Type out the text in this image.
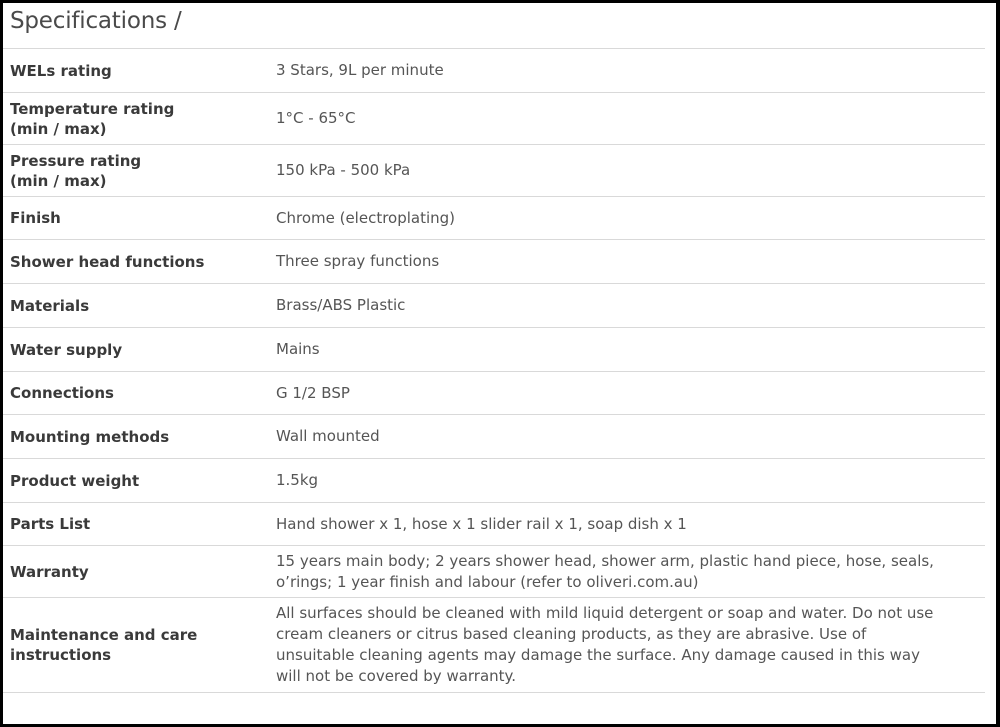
Specifications /
WELs rating	3 Stars, 9L per minute
Temperature rating
(min / max)	1°C - 65°C
Pressure rating
(min / max)	150 kPa - 500 kPa
Finish	Chrome (electroplating)
Shower head functions	Three spray functions
Materials	Brass/ABS Plastic
Water supply	Mains
Connections	G 1/2 BSP
Mounting methods	Wall mounted
Product weight	1.5kg
Parts List	Hand shower x 1, hose x 1 slider rail x 1, soap dish x 1
Warranty	15 years main body; 2 years shower head, shower arm, plastic hand piece, hose, seals, o’rings; 1 year finish and labour (refer to oliveri.com.au)
Maintenance and care
instructions	All surfaces should be cleaned with mild liquid detergent or soap and water. Do not use cream cleaners or citrus based cleaning products, as they are abrasive. Use of unsuitable cleaning agents may damage the surface. Any damage caused in this way will not be covered by warranty.
